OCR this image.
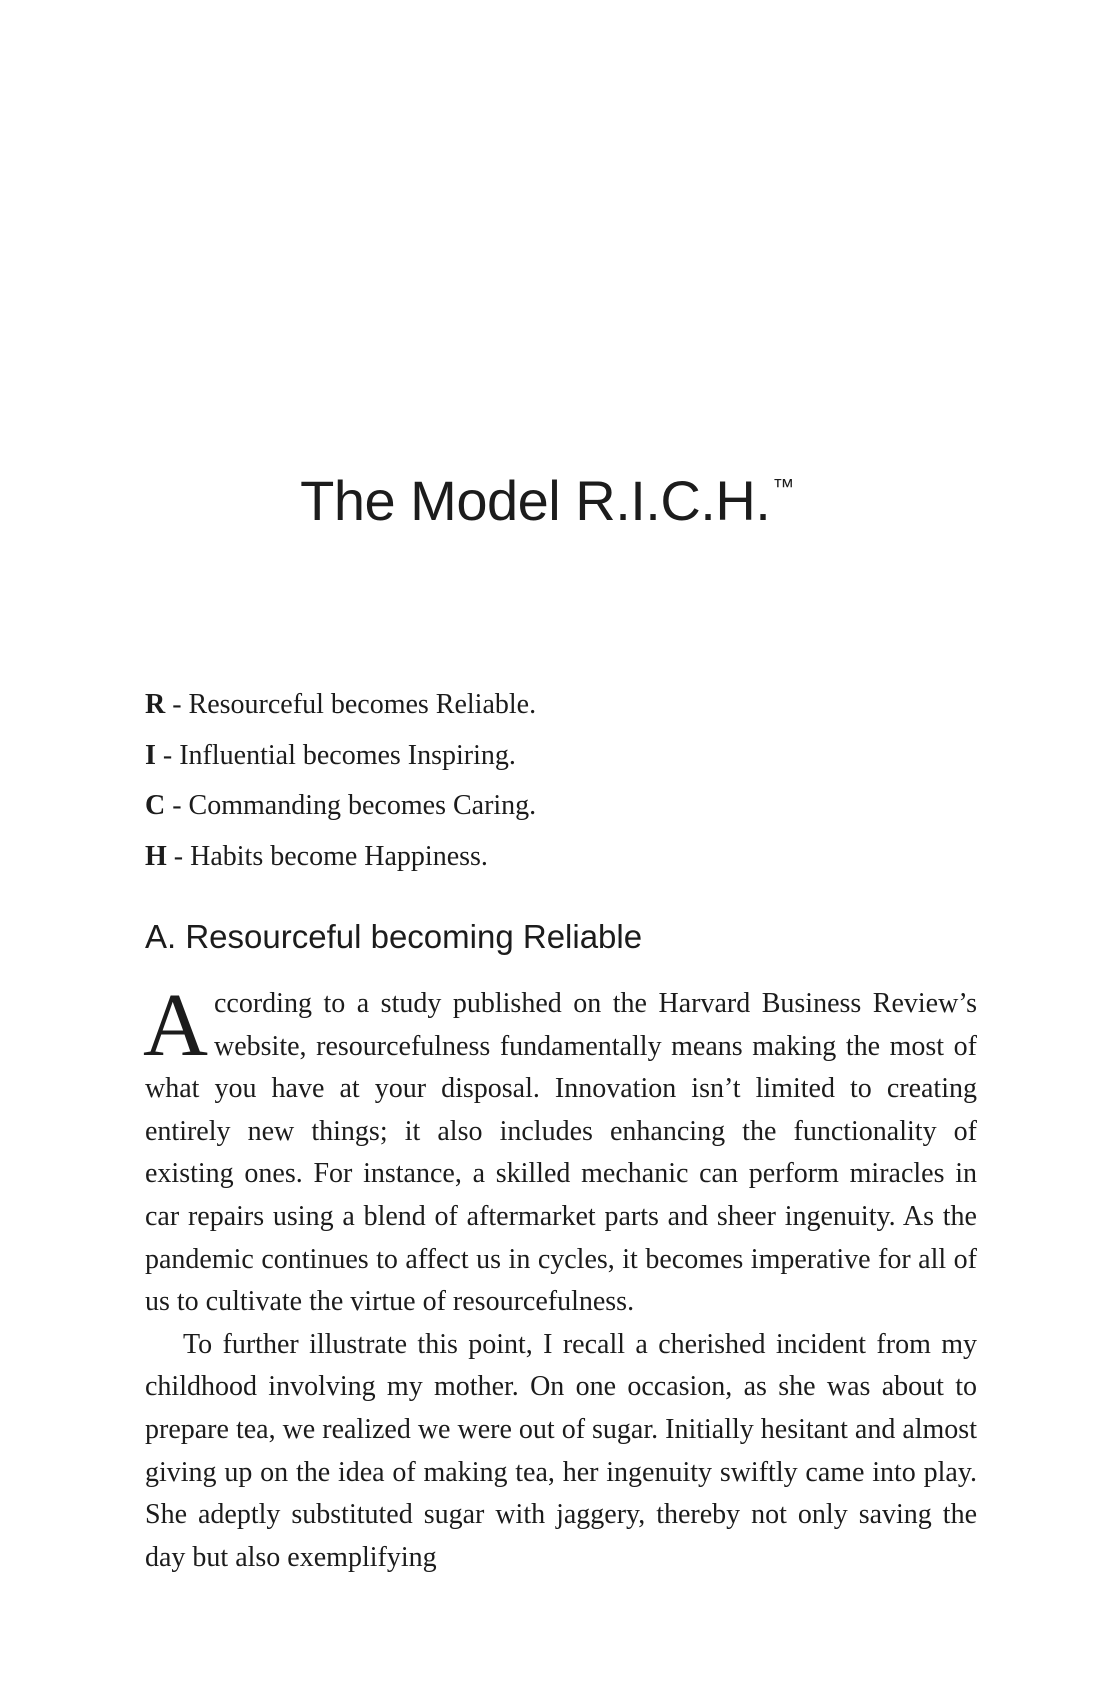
The Model R.I.C.H.™
R - Resourceful becomes Reliable.
I - Influential becomes Inspiring.
C - Commanding becomes Caring.
H - Habits become Happiness.
A. Resourceful becoming Reliable

According to a study published on the Harvard Business Review’s website, resourcefulness fundamentally means making the most of what you have at your disposal. Innovation isn’t limited to creating entirely new things; it also includes enhancing the functionality of existing ones. For instance, a skilled mechanic can perform miracles in car repairs using a blend of aftermarket parts and sheer ingenuity. As the pandemic continues to affect us in cycles, it becomes imperative for all of us to cultivate the virtue of resourcefulness.

To further illustrate this point, I recall a cherished incident from my childhood involving my mother. On one occasion, as she was about to prepare tea, we realized we were out of sugar. Initially hesitant and almost giving up on the idea of making tea, her ingenuity swiftly came into play. She adeptly substituted sugar with jaggery, thereby not only saving the day but also exemplifying
